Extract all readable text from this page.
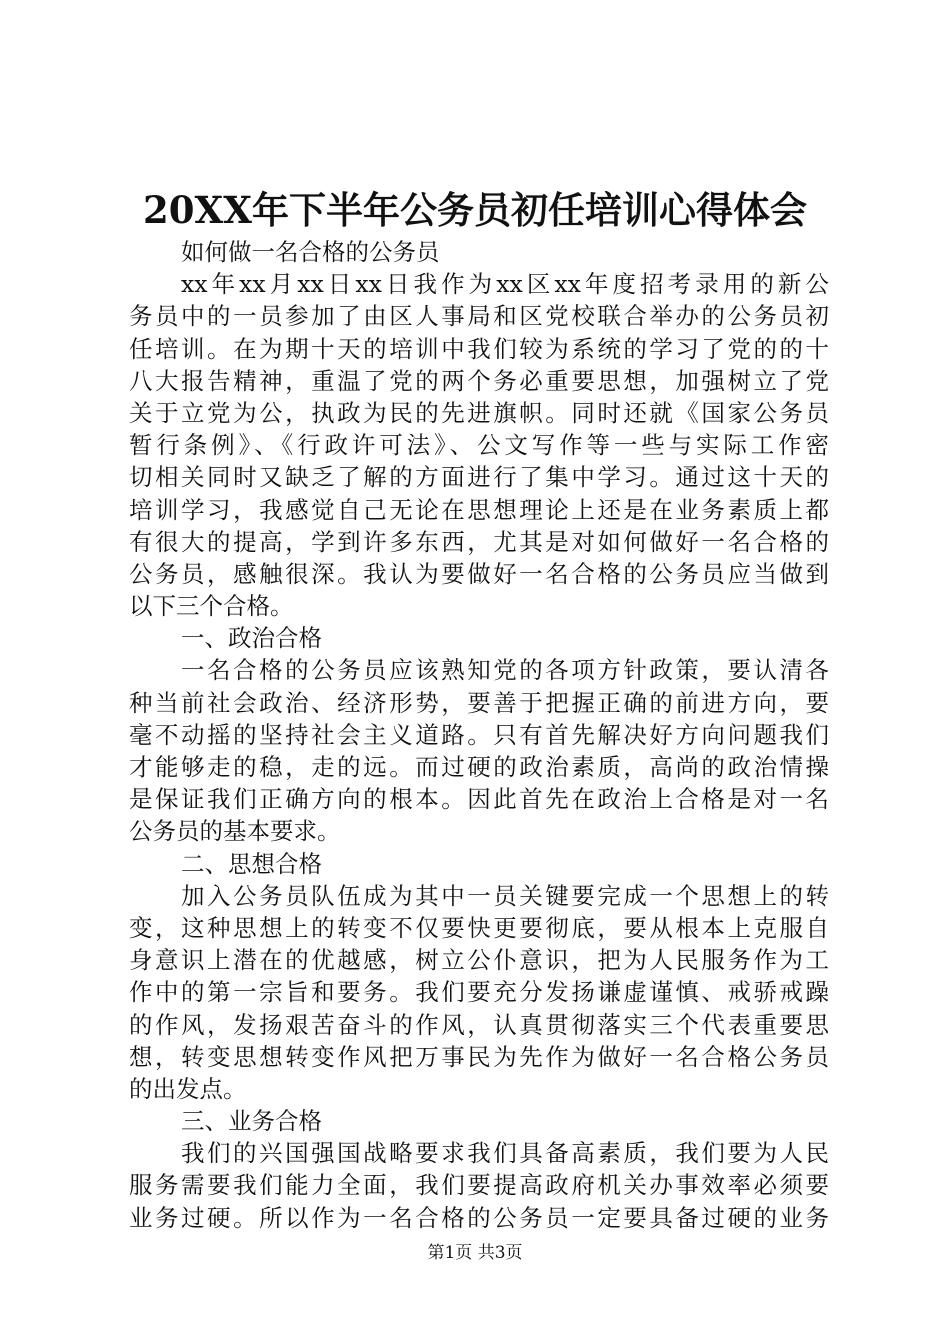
20XX年下半年公务员初任培训心得体会
如何做一名合格的公务员
xx年xx月xx日xx日我作为xx区xx年度招考录用的新公
务员中的一员参加了由区人事局和区党校联合举办的公务员初
任培训。在为期十天的培训中我们较为系统的学习了党的的十
八大报告精神，重温了党的两个务必重要思想，加强树立了党
关于立党为公，执政为民的先进旗帜。同时还就《国家公务员
暂行条例》、《行政许可法》、公文写作等一些与实际工作密
切相关同时又缺乏了解的方面进行了集中学习。通过这十天的
培训学习，我感觉自己无论在思想理论上还是在业务素质上都
有很大的提高，学到许多东西，尤其是对如何做好一名合格的
公务员，感触很深。我认为要做好一名合格的公务员应当做到
以下三个合格。
一、政治合格
一名合格的公务员应该熟知党的各项方针政策，要认清各
种当前社会政治、经济形势，要善于把握正确的前进方向，要
毫不动摇的坚持社会主义道路。只有首先解决好方向问题我们
才能够走的稳，走的远。而过硬的政治素质，高尚的政治情操
是保证我们正确方向的根本。因此首先在政治上合格是对一名
公务员的基本要求。
二、思想合格
加入公务员队伍成为其中一员关键要完成一个思想上的转
变，这种思想上的转变不仅要快更要彻底，要从根本上克服自
身意识上潜在的优越感，树立公仆意识，把为人民服务作为工
作中的第一宗旨和要务。我们要充分发扬谦虚谨慎、戒骄戒躁
的作风，发扬艰苦奋斗的作风，认真贯彻落实三个代表重要思
想，转变思想转变作风把万事民为先作为做好一名合格公务员
的出发点。
三、业务合格
我们的兴国强国战略要求我们具备高素质，我们要为人民
服务需要我们能力全面，我们要提高政府机关办事效率必须要
业务过硬。所以作为一名合格的公务员一定要具备过硬的业务
第1页 共3页
